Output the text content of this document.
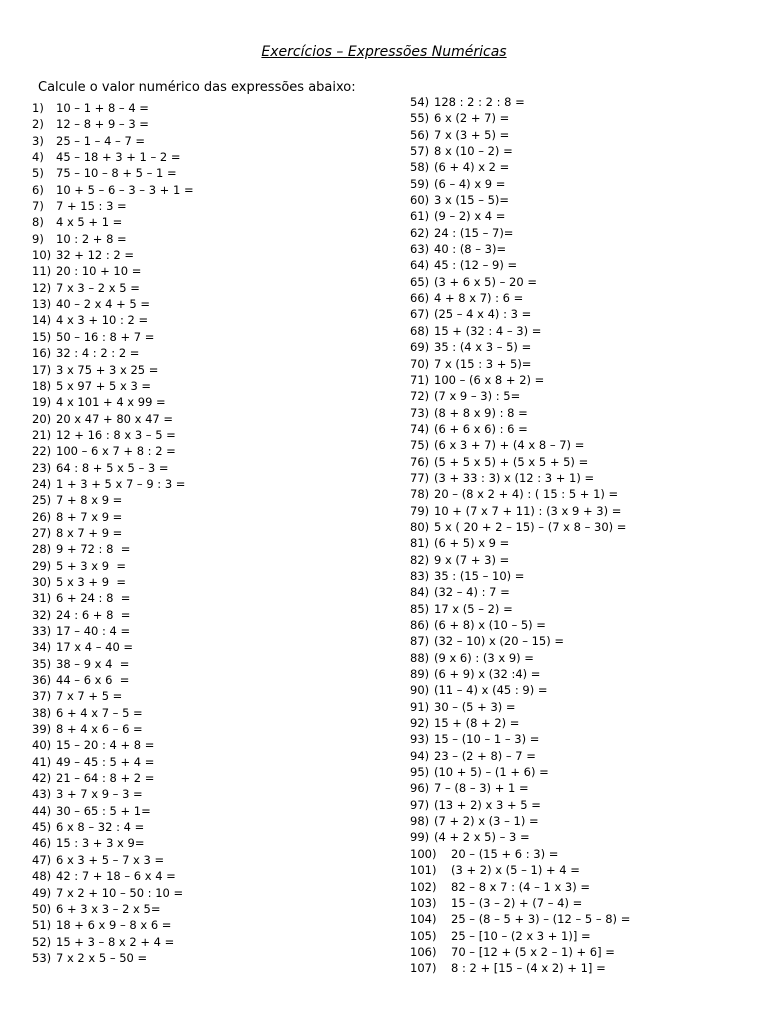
Exercícios – Expressões Numéricas
Calcule o valor numérico das expressões abaixo:
1)	10 – 1 + 8 – 4 =
2)	12 – 8 + 9 – 3 =
3)	25 – 1 – 4 – 7 =
4)	45 – 18 + 3 + 1 – 2 =
5)	75 – 10 – 8 + 5 – 1 =
6)	10 + 5 – 6 – 3 – 3 + 1 =
7)	7 + 15 : 3 =
8)	4 x 5 + 1 =
9)	10 : 2 + 8 =
10) 32 + 12 : 2 =
11) 20 : 10 + 10 =
12) 7 x 3 – 2 x 5 =
13) 40 – 2 x 4 + 5 =
14) 4 x 3 + 10 : 2 =
15) 50 – 16 : 8 + 7 =
16) 32 : 4 : 2 : 2 =
17) 3 x 75 + 3 x 25 =
18) 5 x 97 + 5 x 3 =
19) 4 x 101 + 4 x 99 =
20) 20 x 47 + 80 x 47 =
21) 12 + 16 : 8 x 3 – 5 =
22) 100 – 6 x 7 + 8 : 2 =
23) 64 : 8 + 5 x 5 – 3 =
24) 1 + 3 + 5 x 7 – 9 : 3 =
25) 7 + 8 x 9 =
26) 8 + 7 x 9 =
27) 8 x 7 + 9 =
28) 9 + 72 : 8  =
29) 5 + 3 x 9  =
30) 5 x 3 + 9  =
31) 6 + 24 : 8  =
32) 24 : 6 + 8  =
33) 17 – 40 : 4 =
34) 17 x 4 – 40 =
35) 38 – 9 x 4  =
36) 44 – 6 x 6  =
37) 7 x 7 + 5 =
38) 6 + 4 x 7 – 5 =
39) 8 + 4 x 6 – 6 =
40) 15 – 20 : 4 + 8 =
41) 49 – 45 : 5 + 4 =
42) 21 – 64 : 8 + 2 =
43) 3 + 7 x 9 – 3 =
44) 30 – 65 : 5 + 1=
45) 6 x 8 – 32 : 4 =
46) 15 : 3 + 3 x 9=
47) 6 x 3 + 5 – 7 x 3 =
48) 42 : 7 + 18 – 6 x 4 =
49) 7 x 2 + 10 – 50 : 10 =
50) 6 + 3 x 3 – 2 x 5=
51) 18 + 6 x 9 – 8 x 6 =
52) 15 + 3 – 8 x 2 + 4 =
53) 7 x 2 x 5 – 50 =
54) 128 : 2 : 2 : 8 =
55) 6 x (2 + 7) =
56) 7 x (3 + 5) =
57) 8 x (10 – 2) =
58) (6 + 4) x 2 =
59) (6 – 4) x 9 =
60) 3 x (15 – 5)=
61) (9 – 2) x 4 =
62) 24 : (15 – 7)=
63) 40 : (8 – 3)=
64) 45 : (12 – 9) =
65) (3 + 6 x 5) – 20 =
66) 4 + 8 x 7) : 6 =
67) (25 – 4 x 4) : 3 =
68) 15 + (32 : 4 – 3) =
69) 35 : (4 x 3 – 5) =
70) 7 x (15 : 3 + 5)=
71) 100 – (6 x 8 + 2) =
72) (7 x 9 – 3) : 5=
73) (8 + 8 x 9) : 8 =
74) (6 + 6 x 6) : 6 =
75) (6 x 3 + 7) + (4 x 8 – 7) =
76) (5 + 5 x 5) + (5 x 5 + 5) =
77) (3 + 33 : 3) x (12 : 3 + 1) =
78) 20 – (8 x 2 + 4) : ( 15 : 5 + 1) =
79) 10 + (7 x 7 + 11) : (3 x 9 + 3) =
80) 5 x ( 20 + 2 – 15) – (7 x 8 – 30) =
81) (6 + 5) x 9 =
82) 9 x (7 + 3) =
83) 35 : (15 – 10) =
84) (32 – 4) : 7 =
85) 17 x (5 – 2) =
86) (6 + 8) x (10 – 5) =
87) (32 – 10) x (20 – 15) =
88) (9 x 6) : (3 x 9) =
89) (6 + 9) x (32 :4) =
90) (11 – 4) x (45 : 9) =
91) 30 – (5 + 3) =
92) 15 + (8 + 2) =
93) 15 – (10 – 1 – 3) =
94) 23 – (2 + 8) – 7 =
95) (10 + 5) – (1 + 6) =
96) 7 – (8 – 3) + 1 =
97) (13 + 2) x 3 + 5 =
98) (7 + 2) x (3 – 1) =
99) (4 + 2 x 5) – 3 =
100)	20 – (15 + 6 : 3) =
101)	(3 + 2) x (5 – 1) + 4 =
102)	82 – 8 x 7 : (4 – 1 x 3) =
103)	15 – (3 – 2) + (7 – 4) =
104)	25 – (8 – 5 + 3) – (12 – 5 – 8) =
105)	25 – [10 – (2 x 3 + 1)] =
106)	70 – [12 + (5 x 2 – 1) + 6] =
107)	8 : 2 + [15 – (4 x 2) + 1] =
